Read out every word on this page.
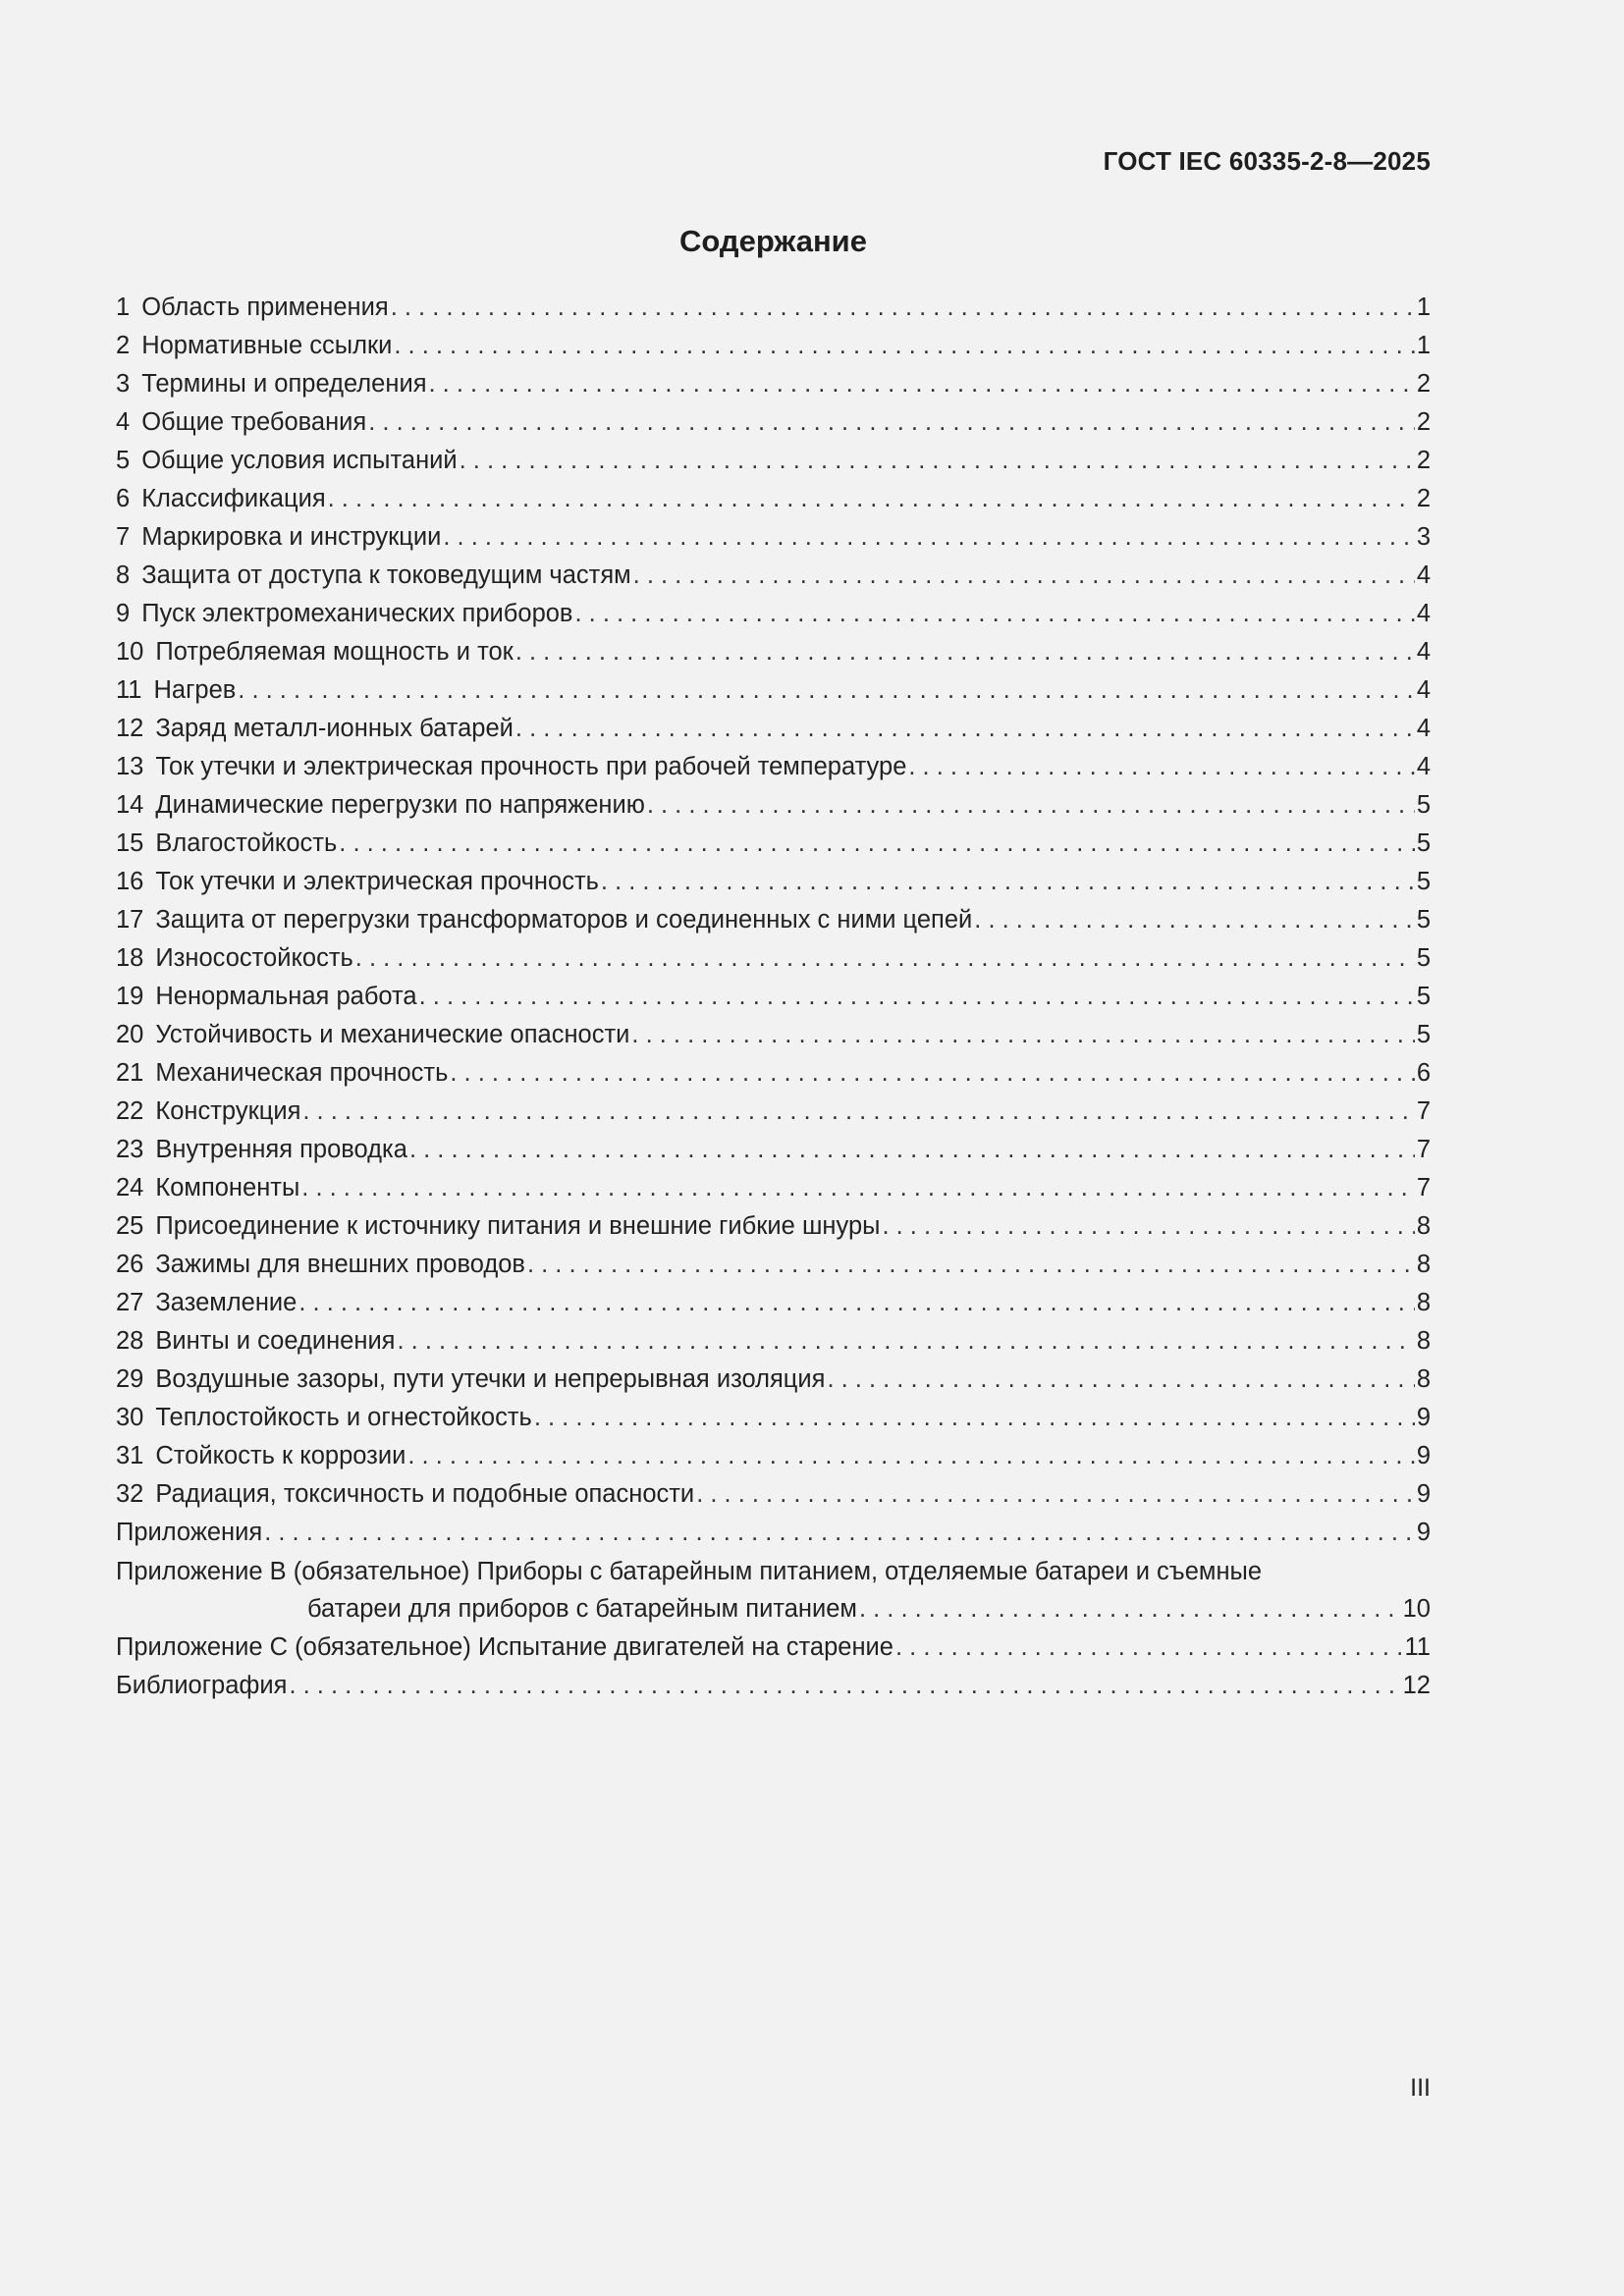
ГОСТ IEC 60335-2-8—2025
Содержание
1 Область применения . . .	1
2 Нормативные ссылки . . .	1
3 Термины и определения . . .	2
4 Общие требования . . .	2
5 Общие условия испытаний . . .	2
6 Классификация . . .	2
7 Маркировка и инструкции . . .	3
8 Защита от доступа к токоведущим частям . . .	4
9 Пуск электромеханических приборов . . .	4
10 Потребляемая мощность и ток . . .	4
11 Нагрев . . .	4
12 Заряд металл-ионных батарей . . .	4
13 Ток утечки и электрическая прочность при рабочей температуре . . .	4
14 Динамические перегрузки по напряжению . . .	5
15 Влагостойкость . . .	5
16 Ток утечки и электрическая прочность . . .	5
17 Защита от перегрузки трансформаторов и соединенных с ними цепей . . .	5
18 Износостойкость . . .	5
19 Ненормальная работа . . .	5
20 Устойчивость и механические опасности . . .	5
21 Механическая прочность . . .	6
22 Конструкция . . .	7
23 Внутренняя проводка . . .	7
24 Компоненты . . .	7
25 Присоединение к источнику питания и внешние гибкие шнуры . . .	8
26 Зажимы для внешних проводов . . .	8
27 Заземление . . .	8
28 Винты и соединения . . .	8
29 Воздушные зазоры, пути утечки и непрерывная изоляция . . .	8
30 Теплостойкость и огнестойкость . . .	9
31 Стойкость к коррозии . . .	9
32 Радиация, токсичность и подобные опасности . . .	9
Приложения . . .	9
Приложение В (обязательное) Приборы с батарейным питанием, отделяемые батареи и съемные
батареи для приборов с батарейным питанием . . .	10
Приложение С (обязательное) Испытание двигателей на старение . . .	11
Библиография . . .	12
III
